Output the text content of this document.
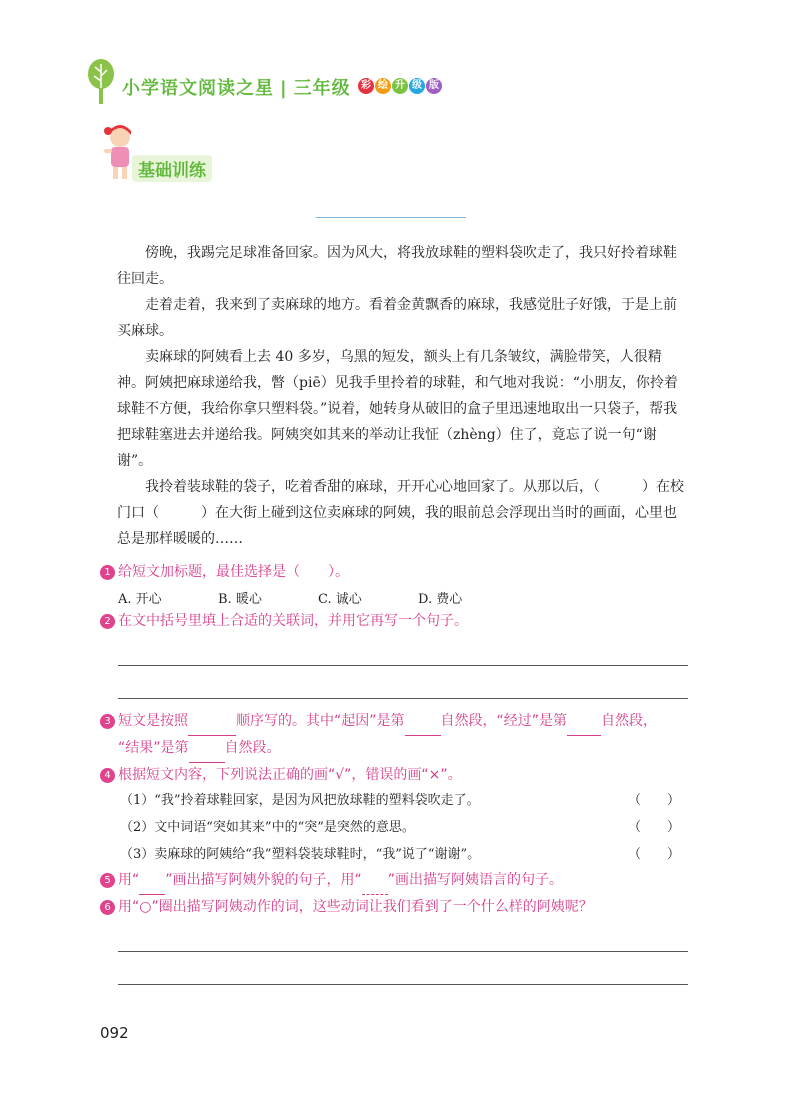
小学语文阅读之星 | 三年级	彩 绘 升 级 版
基础训练

傍晚，我踢完足球准备回家。因为风大，将我放球鞋的塑料袋吹走了，我只好拎着球鞋往回走。

走着走着，我来到了卖麻球的地方。看着金黄飘香的麻球，我感觉肚子好饿，于是上前买麻球。

卖麻球的阿姨看上去 40 多岁，乌黑的短发，额头上有几条皱纹，满脸带笑，人很精神。阿姨把麻球递给我，瞥（piē）见我手里拎着的球鞋，和气地对我说：“小朋友，你拎着球鞋不方便，我给你拿只塑料袋。”说着，她转身从破旧的盒子里迅速地取出一只袋子，帮我把球鞋塞进去并递给我。阿姨突如其来的举动让我怔（zhèng）住了，竟忘了说一句“谢谢”。

我拎着装球鞋的袋子，吃着香甜的麻球，开开心心地回家了。从那以后，（　　　）在校门口（　　　）在大街上碰到这位卖麻球的阿姨，我的眼前总会浮现出当时的画面，心里也总是那样暖暖的……

1 给短文加标题，最佳选择是（　　）。
A. 开心	B. 暖心	C. 诚心	D. 费心
2 在文中括号里填上合适的关联词，并用它再写一个句子。
3 短文是按照	顺序写的。其中“起因”是第	自然段，“经过”是第 自然段，
“结果”是第	自然段。
4 根据短文内容，下列说法正确的画“√”，错误的画“×”。
（1）“我”拎着球鞋回家，是因为风把放球鞋的塑料袋吹走了。	（　　）
（2）文中词语“突如其来”中的“突”是突然的意思。	（　　）
（3）卖麻球的阿姨给“我”塑料袋装球鞋时，“我”说了“谢谢”。	（　　）
5 用“ ”画出描写阿姨外貌的句子，用“ ”画出描写阿姨语言的句子。
6 用“○”圈出描写阿姨动作的词，这些动词让我们看到了一个什么样的阿姨呢？
092
